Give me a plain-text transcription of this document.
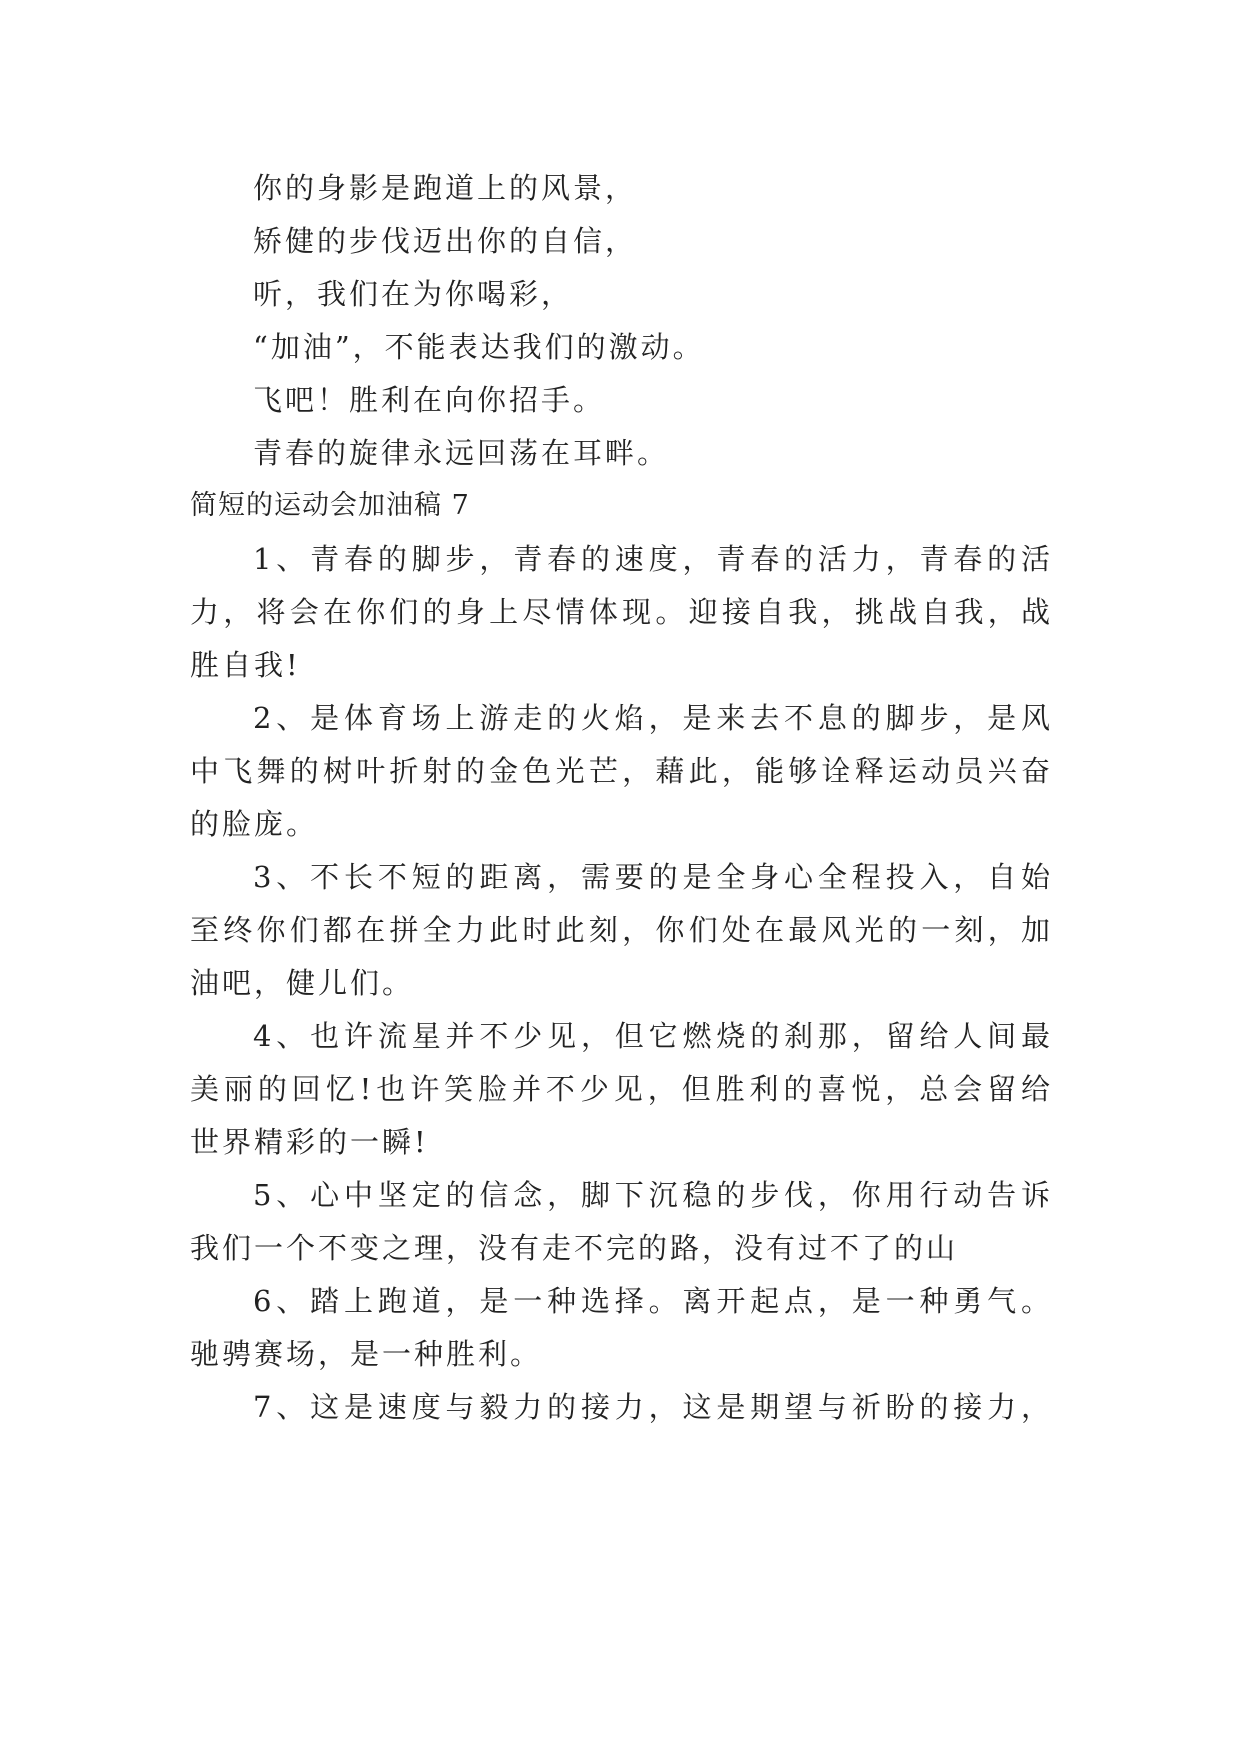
你的身影是跑道上的风景，
矫健的步伐迈出你的自信，
听，我们在为你喝彩，
“加油”，不能表达我们的激动。
飞吧！胜利在向你招手。
青春的旋律永远回荡在耳畔。
简短的运动会加油稿 7
1、青春的脚步，青春的速度，青春的活力，青春的活
力，将会在你们的身上尽情体现。迎接自我，挑战自我，战
胜自我!
2、是体育场上游走的火焰，是来去不息的脚步，是风
中飞舞的树叶折射的金色光芒，藉此，能够诠释运动员兴奋
的脸庞。
3、不长不短的距离，需要的是全身心全程投入，自始
至终你们都在拼全力此时此刻，你们处在最风光的一刻，加
油吧，健儿们。
4、也许流星并不少见，但它燃烧的刹那，留给人间最
美丽的回忆!也许笑脸并不少见，但胜利的喜悦，总会留给
世界精彩的一瞬!
5、心中坚定的信念，脚下沉稳的步伐，你用行动告诉
我们一个不变之理，没有走不完的路，没有过不了的山
6、踏上跑道，是一种选择。离开起点，是一种勇气。
驰骋赛场，是一种胜利。
7、这是速度与毅力的接力，这是期望与祈盼的接力，
